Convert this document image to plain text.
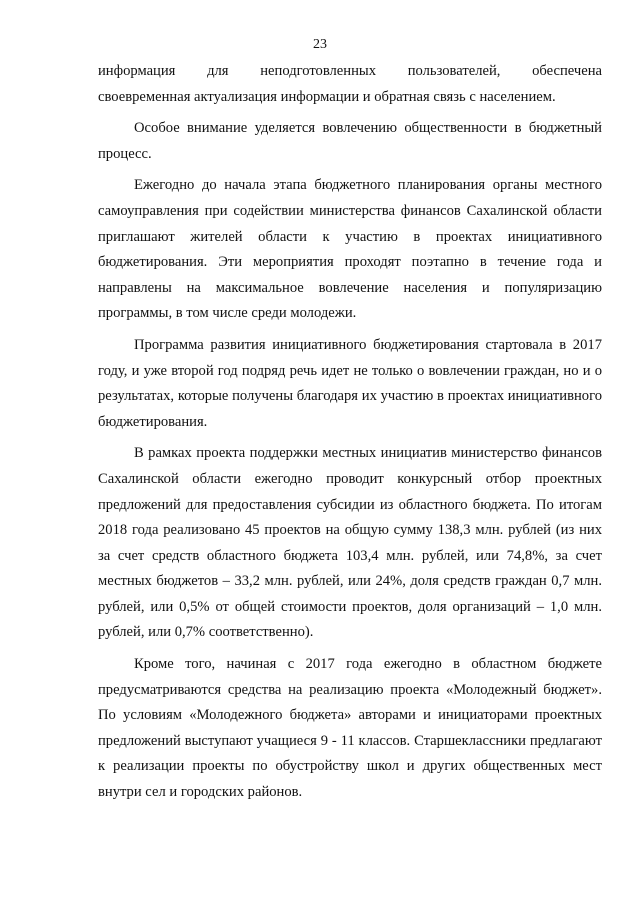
23

информация для неподготовленных пользователей, обеспечена
своевременная актуализация информации и обратная связь с населением.

Особое внимание уделяется вовлечению общественности в бюджетный процесс.

Ежегодно до начала этапа бюджетного планирования органы местного самоуправления при содействии министерства финансов Сахалинской области приглашают жителей области к участию в проектах инициативного бюджетирования. Эти мероприятия проходят поэтапно в течение года и направлены на максимальное вовлечение населения и популяризацию программы, в том числе среди молодежи.

Программа развития инициативного бюджетирования стартовала в 2017 году, и уже второй год подряд речь идет не только о вовлечении граждан, но и о результатах, которые получены благодаря их участию в проектах инициативного бюджетирования.

В рамках проекта поддержки местных инициатив министерство финансов Сахалинской области ежегодно проводит конкурсный отбор проектных предложений для предоставления субсидии из областного бюджета. По итогам 2018 года реализовано 45 проектов на общую сумму 138,3 млн. рублей (из них за счет средств областного бюджета 103,4 млн. рублей, или 74,8%, за счет местных бюджетов – 33,2 млн. рублей, или 24%, доля средств граждан 0,7 млн. рублей, или 0,5% от общей стоимости проектов, доля организаций – 1,0 млн. рублей, или 0,7% соответственно).

Кроме того, начиная с 2017 года ежегодно в областном бюджете предусматриваются средства на реализацию проекта «Молодежный бюджет». По условиям «Молодежного бюджета» авторами и инициаторами проектных предложений выступают учащиеся 9 - 11 классов. Старшеклассники предлагают к реализации проекты по обустройству школ и других общественных мест внутри сел и городских районов.
